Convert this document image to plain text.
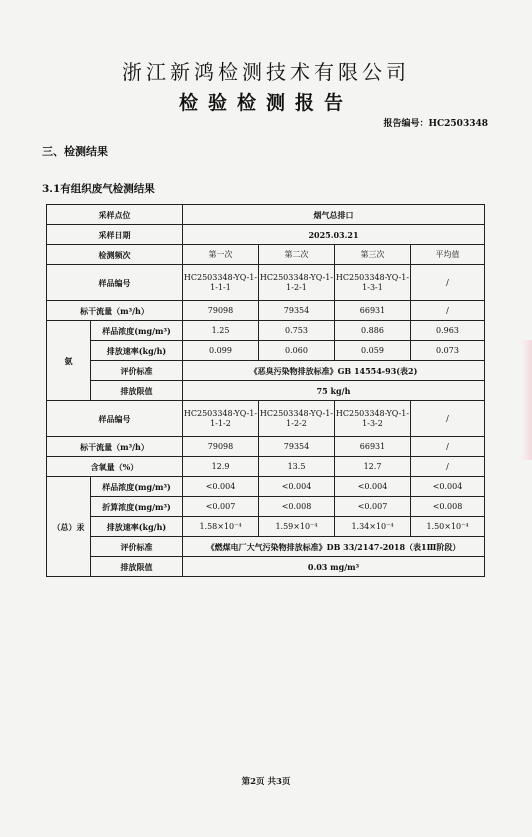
浙江新鸿检测技术有限公司
检验检测报告
报告编号：HC2503348
三、检测结果
3.1有组织废气检测结果
采样点位		烟气总排口			
采样日期		2025.03.21			
检测频次		第一次	第二次	第三次	平均值
样品编号		HC2503348-YQ-1-1-1-1	HC2503348-YQ-1-1-2-1	HC2503348-YQ-1-1-3-1	/
标干流量（m³/h）		79098	79354	66931	/
氨	样品浓度(mg/m³)	1.25	0.753	0.886	0.963
	排放速率(kg/h)	0.099	0.060	0.059	0.073
	评价标准	《恶臭污染物排放标准》GB 14554-93(表2)			
	排放限值	75 kg/h			
样品编号		HC2503348-YQ-1-1-1-2	HC2503348-YQ-1-1-2-2	HC2503348-YQ-1-1-3-2	/
标干流量（m³/h）		79098	79354	66931	/
含氧量（%）		12.9	13.5	12.7	/
（总）汞	样品浓度(mg/m³)	<0.004	<0.004	<0.004	<0.004
	折算浓度(mg/m³)	<0.007	<0.008	<0.007	<0.008
	排放速率(kg/h)	1.58×10⁻⁴	1.59×10⁻⁴	1.34×10⁻⁴	1.50×10⁻⁴
	评价标准	《燃煤电厂大气污染物排放标准》DB 33/2147-2018（表1Ⅲ阶段）			
	排放限值	0.03 mg/m³			
第2页 共3页
